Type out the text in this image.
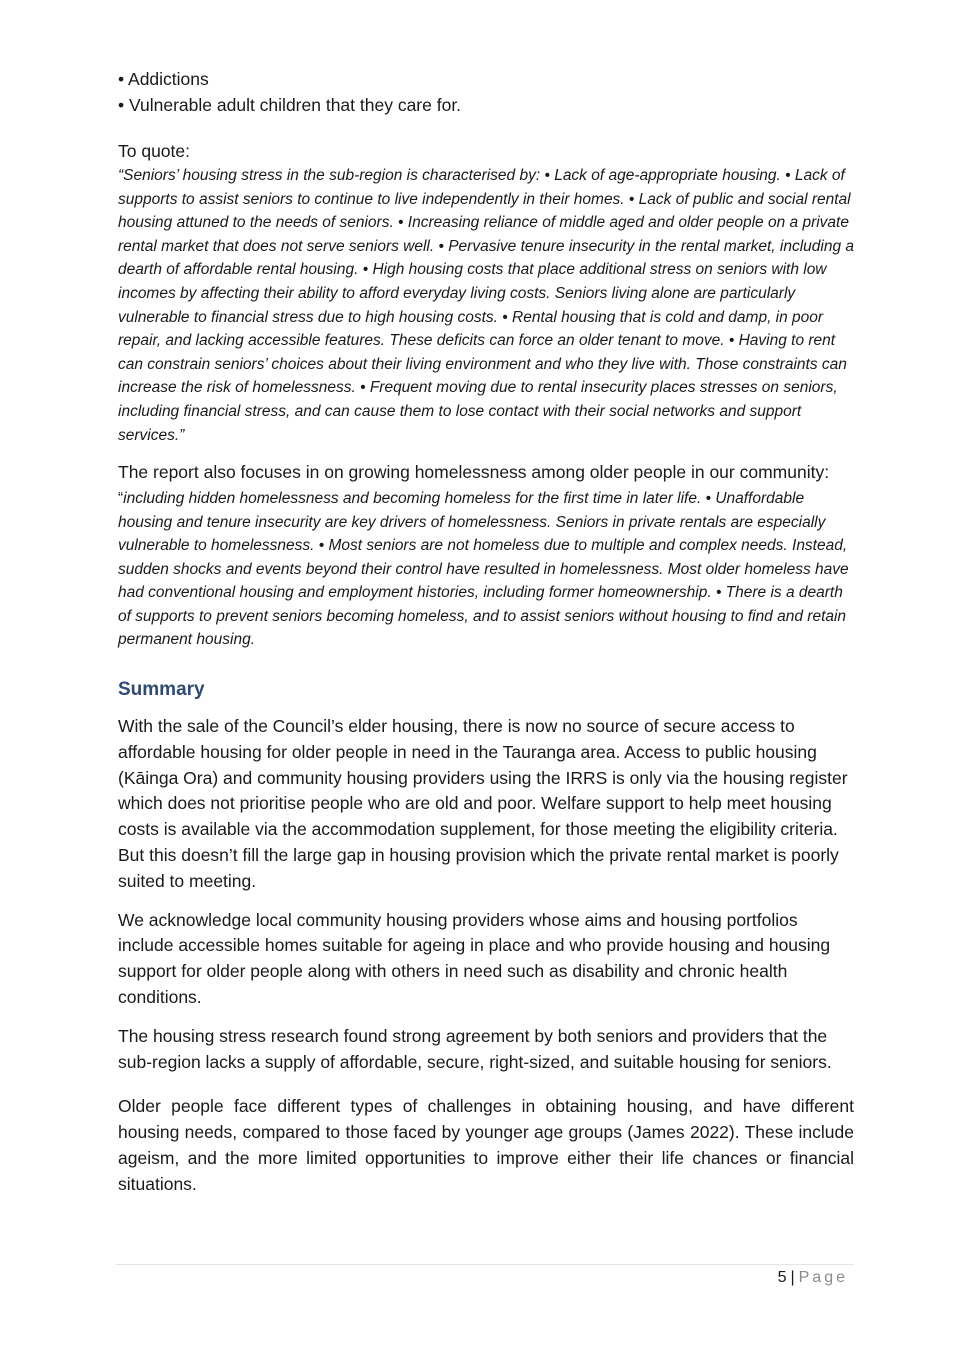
• Addictions

• Vulnerable adult children that they care for.

To quote:

“Seniors’ housing stress in the sub-region is characterised by: • Lack of age-appropriate housing. • Lack of supports to assist seniors to continue to live independently in their homes. • Lack of public and social rental housing attuned to the needs of seniors. • Increasing reliance of middle aged and older people on a private rental market that does not serve seniors well. • Pervasive tenure insecurity in the rental market, including a dearth of affordable rental housing. • High housing costs that place additional stress on seniors with low incomes by affecting their ability to afford everyday living costs. Seniors living alone are particularly vulnerable to financial stress due to high housing costs. • Rental housing that is cold and damp, in poor repair, and lacking accessible features. These deficits can force an older tenant to move. • Having to rent can constrain seniors’ choices about their living environment and who they live with. Those constraints can increase the risk of homelessness. • Frequent moving due to rental insecurity places stresses on seniors, including financial stress, and can cause them to lose contact with their social networks and support services.”

The report also focuses in on growing homelessness among older people in our community:

“including hidden homelessness and becoming homeless for the first time in later life. • Unaffordable housing and tenure insecurity are key drivers of homelessness. Seniors in private rentals are especially vulnerable to homelessness. • Most seniors are not homeless due to multiple and complex needs. Instead, sudden shocks and events beyond their control have resulted in homelessness. Most older homeless have had conventional housing and employment histories, including former homeownership. • There is a dearth of supports to prevent seniors becoming homeless, and to assist seniors without housing to find and retain permanent housing.

Summary

With the sale of the Council’s elder housing, there is now no source of secure access to affordable housing for older people in need in the Tauranga area. Access to public housing (Kāinga Ora) and community housing providers using the IRRS is only via the housing register which does not prioritise people who are old and poor. Welfare support to help meet housing costs is available via the accommodation supplement, for those meeting the eligibility criteria. But this doesn’t fill the large gap in housing provision which the private rental market is poorly suited to meeting.

We acknowledge local community housing providers whose aims and housing portfolios include accessible homes suitable for ageing in place and who provide housing and housing support for older people along with others in need such as disability and chronic health conditions.

The housing stress research found strong agreement by both seniors and providers that the sub-region lacks a supply of affordable, secure, right-sized, and suitable housing for seniors.

Older people face different types of challenges in obtaining housing, and have different housing needs, compared to those faced by younger age groups (James 2022). These include ageism, and the more limited opportunities to improve either their life chances or financial situations.

5 | Page
